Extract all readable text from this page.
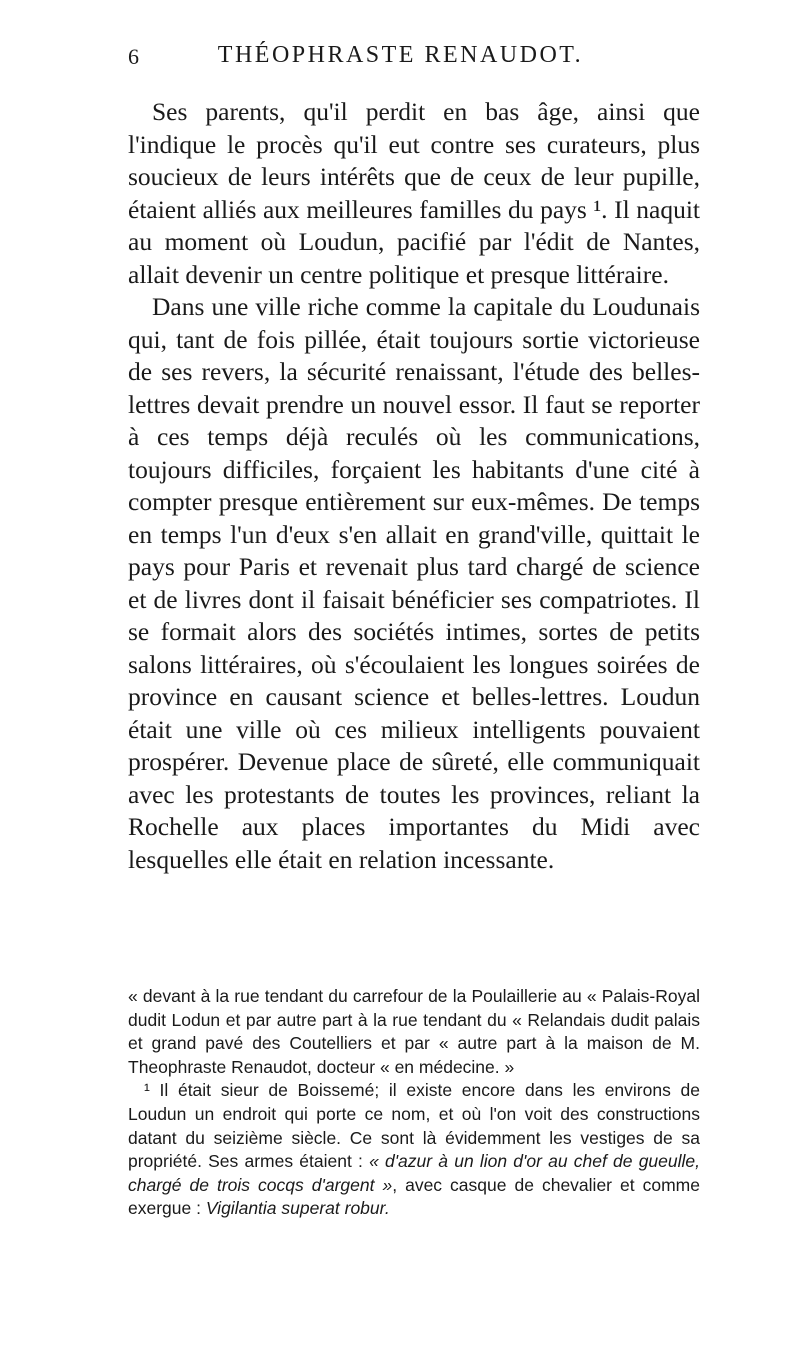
6	THÉOPHRASTE RENAUDOT.

Ses parents, qu'il perdit en bas âge, ainsi que l'indique le procès qu'il eut contre ses curateurs, plus soucieux de leurs intérêts que de ceux de leur pupille, étaient alliés aux meilleures familles du pays ¹. Il naquit au moment où Loudun, pacifié par l'édit de Nantes, allait devenir un centre politique et presque littéraire.

Dans une ville riche comme la capitale du Loudunais qui, tant de fois pillée, était toujours sortie victorieuse de ses revers, la sécurité renaissant, l'étude des belles-lettres devait prendre un nouvel essor. Il faut se reporter à ces temps déjà reculés où les communications, toujours difficiles, forçaient les habitants d'une cité à compter presque entièrement sur eux-mêmes. De temps en temps l'un d'eux s'en allait en grand'ville, quittait le pays pour Paris et revenait plus tard chargé de science et de livres dont il faisait bénéficier ses compatriotes. Il se formait alors des sociétés intimes, sortes de petits salons littéraires, où s'écoulaient les longues soirées de province en causant science et belles-lettres. Loudun était une ville où ces milieux intelligents pouvaient prospérer. Devenue place de sûreté, elle communiquait avec les protestants de toutes les provinces, reliant la Rochelle aux places importantes du Midi avec lesquelles elle était en relation incessante.

« devant à la rue tendant du carrefour de la Poulaillerie au « Palais-Royal dudit Lodun et par autre part à la rue tendant du « Relandais dudit palais et grand pavé des Coutelliers et par « autre part à la maison de M. Theophraste Renaudot, docteur « en médecine. »

¹ Il était sieur de Boissemé; il existe encore dans les environs de Loudun un endroit qui porte ce nom, et où l'on voit des constructions datant du seizième siècle. Ce sont là évidemment les vestiges de sa propriété. Ses armes étaient : « d'azur à un lion d'or au chef de gueulle, chargé de trois cocqs d'argent », avec casque de chevalier et comme exergue : Vigilantia superat robur.
